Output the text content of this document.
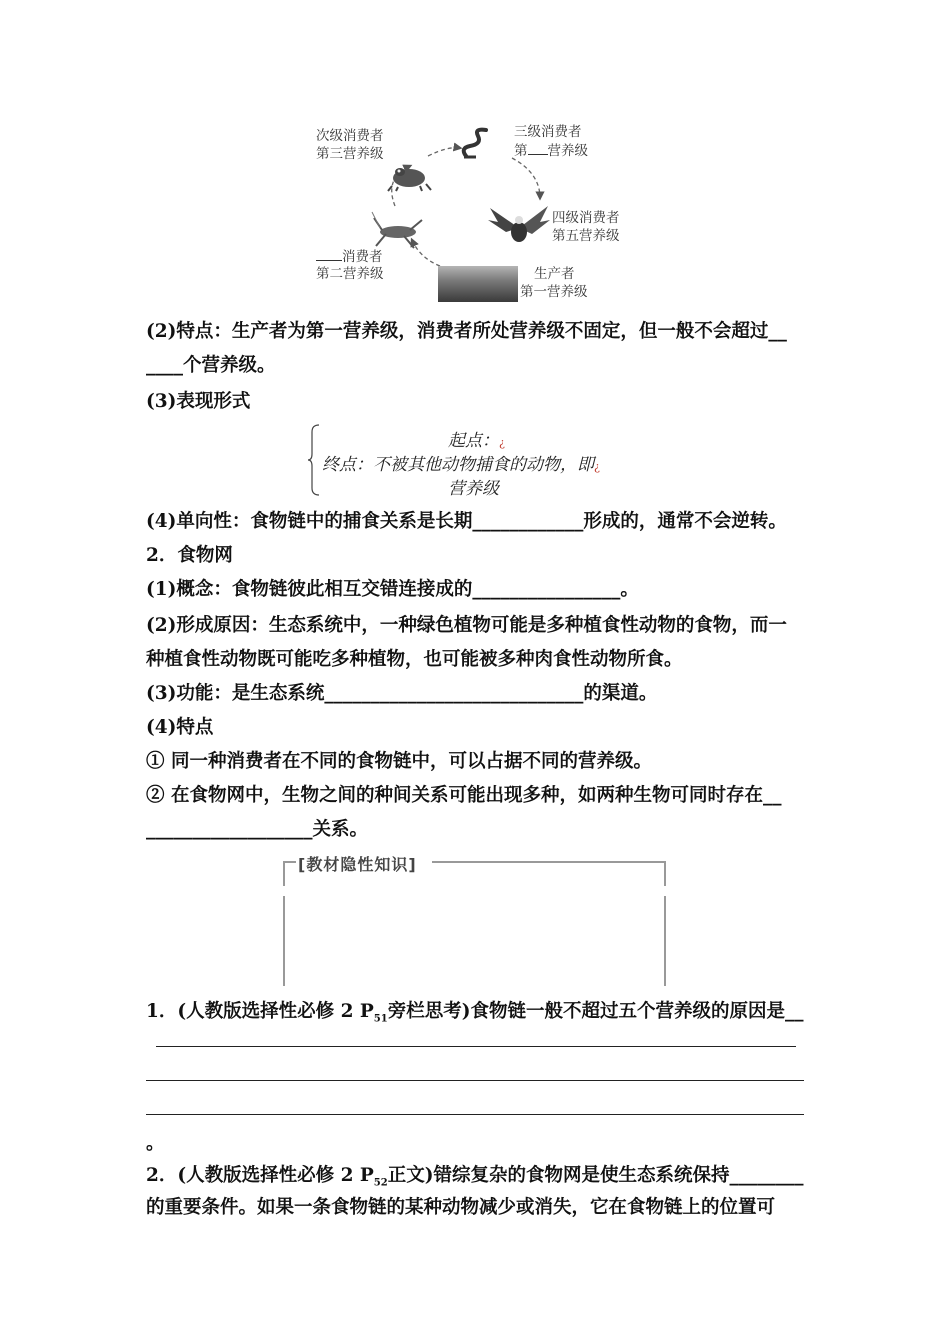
次级消费者
第三营养级
三级消费者
第 营养级
四级消费者
第五营养级
消费者
第二营养级	生产者
第一营养级
(2)特点：生产者为第一营养级，消费者所处营养级不固定，但一般不会超过__
____个营养级。
(3)表现形式
起点：¿
终点：不被其他动物捕食的动物，即¿
营养级
(4)单向性：食物链中的捕食关系是长期____________形成的，通常不会逆转。
2．食物网
(1)概念：食物链彼此相互交错连接成的________________。
(2)形成原因：生态系统中，一种绿色植物可能是多种植食性动物的食物，而一
种植食性动物既可能吃多种植物，也可能被多种肉食性动物所食。
(3)功能：是生态系统____________________________的渠道。
(4)特点
① 同一种消费者在不同的食物链中，可以占据不同的营养级。
② 在食物网中，生物之间的种间关系可能出现多种，如两种生物可同时存在__
__________________关系。
[教材隐性知识]
1．(人教版选择性必修 2 $P_{51}$旁栏思考)食物链一般不超过五个营养级的原因是__
。
2．(人教版选择性必修 2 $P_{52}$正文)错综复杂的食物网是使生态系统保持________
的重要条件。如果一条食物链的某种动物减少或消失，它在食物链上的位置可
